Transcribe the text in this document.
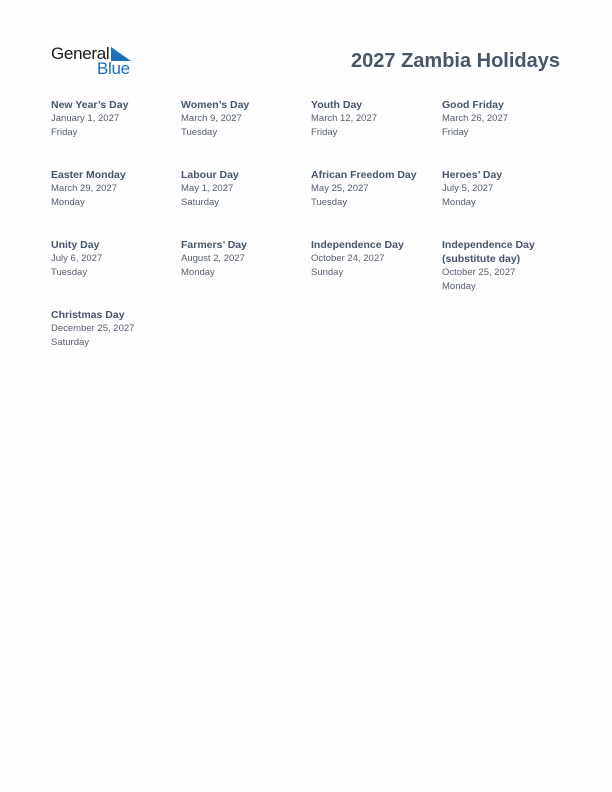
General
Blue	2027 Zambia Holidays
New Year’s Day
January 1, 2027
Friday
Women’s Day
March 9, 2027
Tuesday
Youth Day
March 12, 2027
Friday
Good Friday
March 26, 2027
Friday
Easter Monday
March 29, 2027
Monday
Labour Day
May 1, 2027
Saturday
African Freedom Day
May 25, 2027
Tuesday
Heroes’ Day
July 5, 2027
Monday
Unity Day
July 6, 2027
Tuesday
Farmers’ Day
August 2, 2027
Monday
Independence Day
October 24, 2027
Sunday
Independence Day
(substitute day)
October 25, 2027
Monday
Christmas Day
December 25, 2027
Saturday
